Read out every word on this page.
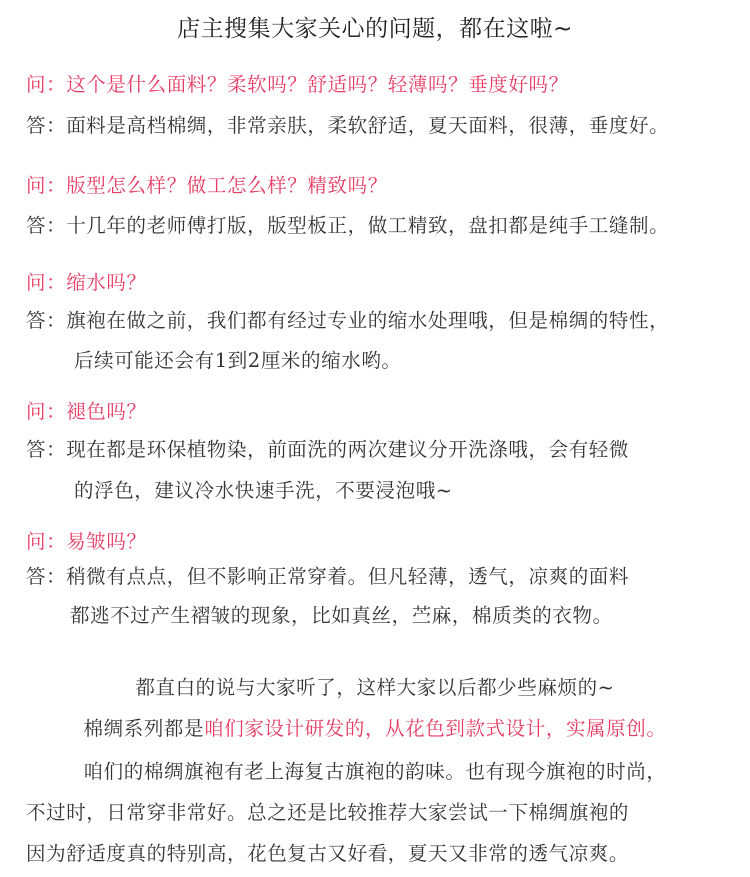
店主搜集大家关心的问题，都在这啦~
问：这个是什么面料？柔软吗？舒适吗？轻薄吗？垂度好吗？
答：面料是高档棉绸，非常亲肤，柔软舒适，夏天面料，很薄，垂度好。
问：版型怎么样？做工怎么样？精致吗？
答：十几年的老师傅打版，版型板正，做工精致，盘扣都是纯手工缝制。
问：缩水吗？
答：旗袍在做之前，我们都有经过专业的缩水处理哦，但是棉绸的特性，
后续可能还会有1到2厘米的缩水哟。
问：褪色吗？
答：现在都是环保植物染，前面洗的两次建议分开洗涤哦，会有轻微
的浮色，建议冷水快速手洗，不要浸泡哦~
问：易皱吗？
答：稍微有点点，但不影响正常穿着。但凡轻薄，透气，凉爽的面料
都逃不过产生褶皱的现象，比如真丝，苎麻，棉质类的衣物。
都直白的说与大家听了，这样大家以后都少些麻烦的~
棉绸系列都是咱们家设计研发的，从花色到款式设计，实属原创。
咱们的棉绸旗袍有老上海复古旗袍的韵味。也有现今旗袍的时尚，
不过时，日常穿非常好。总之还是比较推荐大家尝试一下棉绸旗袍的
因为舒适度真的特别高，花色复古又好看，夏天又非常的透气凉爽。
